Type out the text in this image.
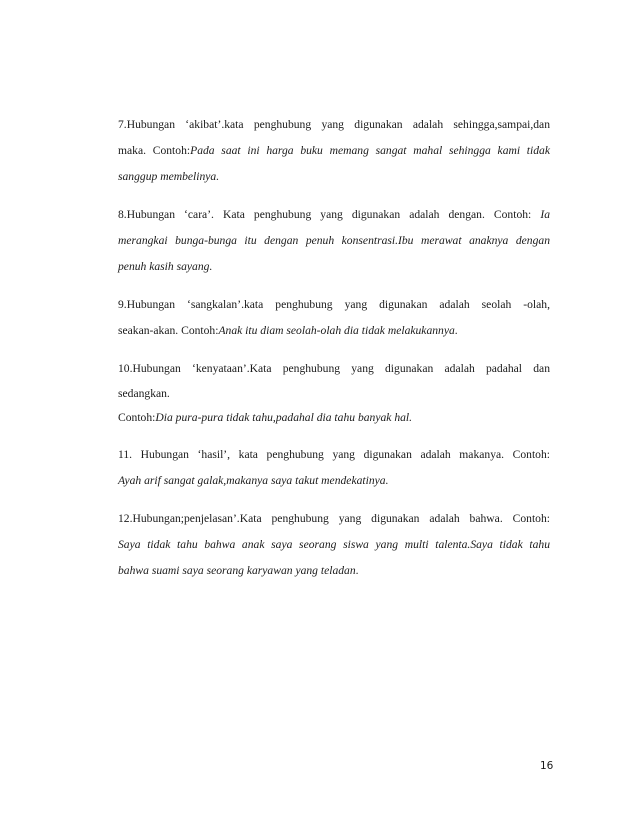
7.Hubungan ‘akibat’.kata penghubung yang digunakan adalah sehingga,sampai,dan
maka. Contoh:Pada saat ini harga buku memang sangat mahal sehingga kami tidak
sanggup membelinya.
8.Hubungan ‘cara’. Kata penghubung yang digunakan adalah dengan. Contoh: Ia
merangkai bunga-bunga itu dengan penuh konsentrasi.Ibu merawat anaknya dengan
penuh kasih sayang.
9.Hubungan ‘sangkalan’.kata penghubung yang digunakan adalah seolah -olah,
seakan-akan. Contoh:Anak itu diam seolah-olah dia tidak melakukannya.
10.Hubungan ‘kenyataan’.Kata penghubung yang digunakan adalah padahal dan
sedangkan.
Contoh:Dia pura-pura tidak tahu,padahal dia tahu banyak hal.
11. Hubungan ‘hasil’, kata penghubung yang digunakan adalah makanya. Contoh:
Ayah arif sangat galak,makanya saya takut mendekatinya.
12.Hubungan;penjelasan’.Kata penghubung yang digunakan adalah bahwa. Contoh:
Saya tidak tahu bahwa anak saya seorang siswa yang multi talenta.Saya tidak tahu
bahwa suami saya seorang karyawan yang teladan.
16
